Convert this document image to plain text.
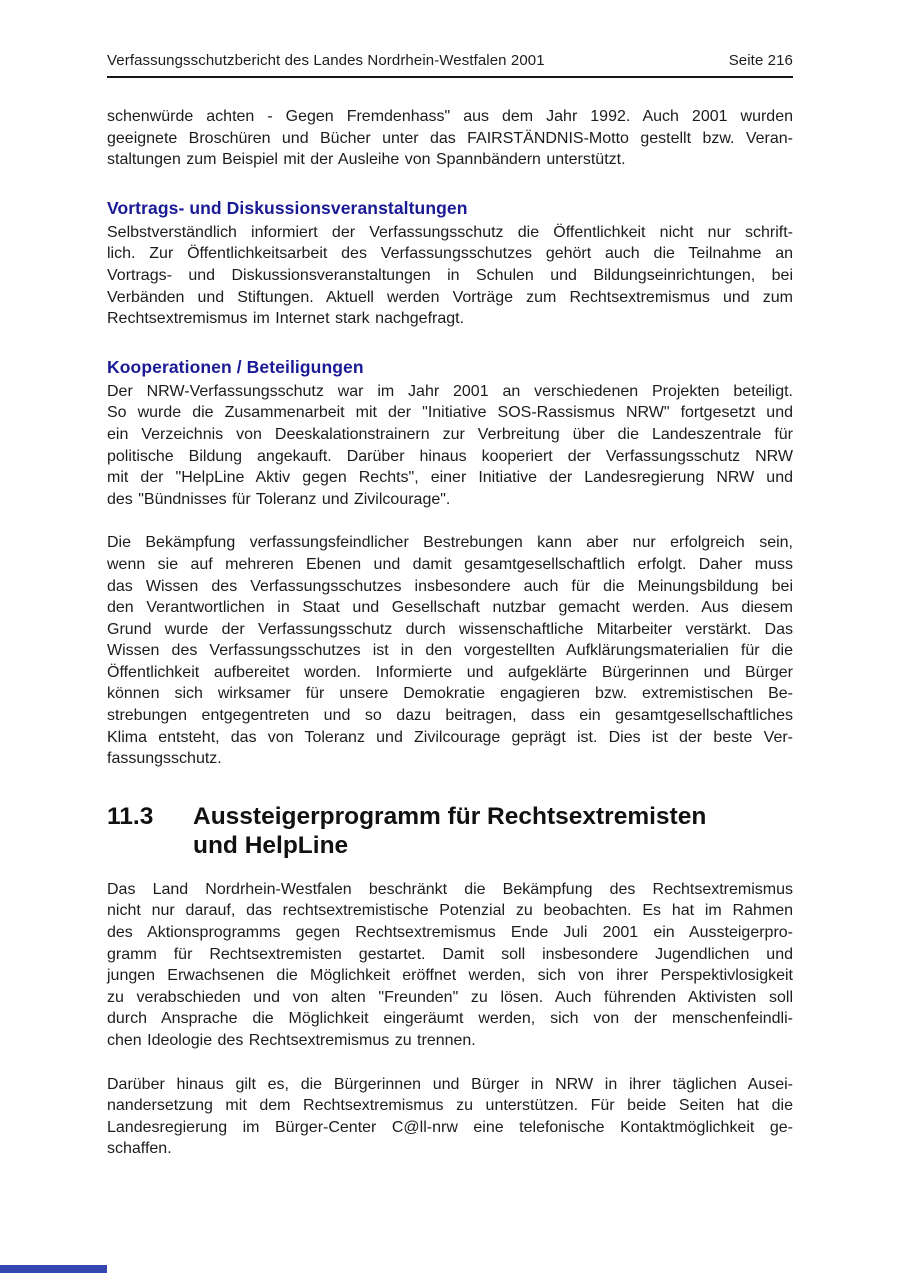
Verfassungsschutzbericht des Landes Nordrhein-Westfalen 2001	Seite 216
schenwürde achten - Gegen Fremdenhass" aus dem Jahr 1992. Auch 2001 wurden
geeignete Broschüren und Bücher unter das FAIRSTÄNDNIS-Motto gestellt bzw. Veran-
staltungen zum Beispiel mit der Ausleihe von Spannbändern unterstützt.
Vortrags- und Diskussionsveranstaltungen
Selbstverständlich informiert der Verfassungsschutz die Öffentlichkeit nicht nur schrift-
lich. Zur Öffentlichkeitsarbeit des Verfassungsschutzes gehört auch die Teilnahme an
Vortrags- und Diskussionsveranstaltungen in Schulen und Bildungseinrichtungen, bei
Verbänden und Stiftungen. Aktuell werden Vorträge zum Rechtsextremismus und zum
Rechtsextremismus im Internet stark nachgefragt.
Kooperationen / Beteiligungen
Der NRW-Verfassungsschutz war im Jahr 2001 an verschiedenen Projekten beteiligt.
So wurde die Zusammenarbeit mit der "Initiative SOS-Rassismus NRW" fortgesetzt und
ein Verzeichnis von Deeskalationstrainern zur Verbreitung über die Landeszentrale für
politische Bildung angekauft. Darüber hinaus kooperiert der Verfassungsschutz NRW
mit der "HelpLine Aktiv gegen Rechts", einer Initiative der Landesregierung NRW und
des "Bündnisses für Toleranz und Zivilcourage".
Die Bekämpfung verfassungsfeindlicher Bestrebungen kann aber nur erfolgreich sein,
wenn sie auf mehreren Ebenen und damit gesamtgesellschaftlich erfolgt. Daher muss
das Wissen des Verfassungsschutzes insbesondere auch für die Meinungsbildung bei
den Verantwortlichen in Staat und Gesellschaft nutzbar gemacht werden. Aus diesem
Grund wurde der Verfassungsschutz durch wissenschaftliche Mitarbeiter verstärkt. Das
Wissen des Verfassungsschutzes ist in den vorgestellten Aufklärungsmaterialien für die
Öffentlichkeit aufbereitet worden. Informierte und aufgeklärte Bürgerinnen und Bürger
können sich wirksamer für unsere Demokratie engagieren bzw. extremistischen Be-
strebungen entgegentreten und so dazu beitragen, dass ein gesamtgesellschaftliches
Klima entsteht, das von Toleranz und Zivilcourage geprägt ist. Dies ist der beste Ver-
fassungsschutz.
11.3	Aussteigerprogramm für Rechtsextremisten
und HelpLine
Das Land Nordrhein-Westfalen beschränkt die Bekämpfung des Rechtsextremismus
nicht nur darauf, das rechtsextremistische Potenzial zu beobachten. Es hat im Rahmen
des Aktionsprogramms gegen Rechtsextremismus Ende Juli 2001 ein Aussteigerpro-
gramm für Rechtsextremisten gestartet. Damit soll insbesondere Jugendlichen und
jungen Erwachsenen die Möglichkeit eröffnet werden, sich von ihrer Perspektivlosigkeit
zu verabschieden und von alten "Freunden" zu lösen. Auch führenden Aktivisten soll
durch Ansprache die Möglichkeit eingeräumt werden, sich von der menschenfeindli-
chen Ideologie des Rechtsextremismus zu trennen.
Darüber hinaus gilt es, die Bürgerinnen und Bürger in NRW in ihrer täglichen Ausei-
nandersetzung mit dem Rechtsextremismus zu unterstützen. Für beide Seiten hat die
Landesregierung im Bürger-Center C@ll-nrw eine telefonische Kontaktmöglichkeit ge-
schaffen.
